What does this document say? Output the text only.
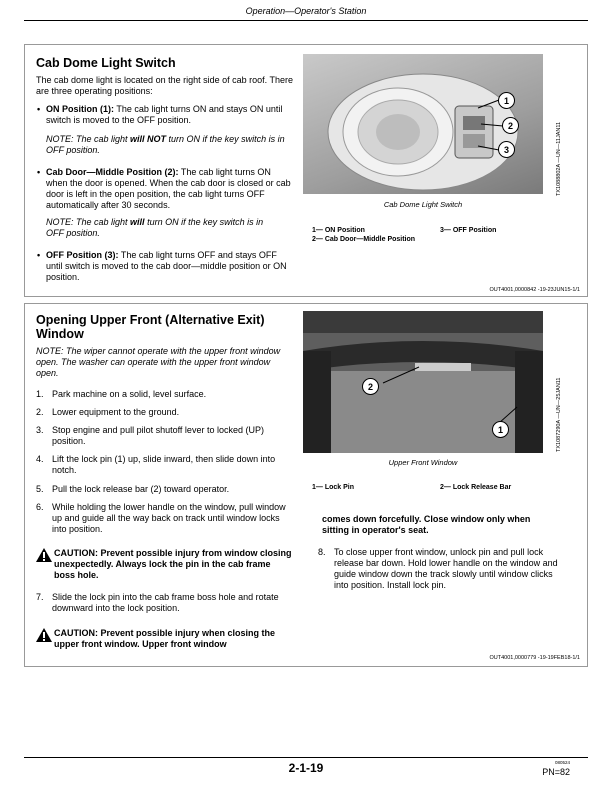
Operation—Operator's Station
Cab Dome Light Switch
The cab dome light is located on the right side of cab roof. There are three operating positions:
• ON Position (1): The cab light turns ON and stays ON until switch is moved to the OFF position.
NOTE: The cab light will NOT turn ON if the key switch is in OFF position.
• Cab Door—Middle Position (2): The cab light turns ON when the door is opened. When the cab door is closed or cab door is left in the open position, the cab light turns OFF automatically after 30 seconds.
NOTE: The cab light will turn ON if the key switch is in OFF position.
• OFF Position (3): The cab light turns OFF and stays OFF until switch is moved to the cab door—middle position or ON position.
1
2
3	TX1088802A —UN—11JAN11
Cab Dome Light Switch
1— ON Position
2— Cab Door—Middle Position
3— OFF Position
OUT4001,0000842 -19-23JUN15-1/1
Opening Upper Front (Alternative Exit) Window
NOTE: The wiper cannot operate with the upper front window open. The washer can operate with the upper front window open.
1. Park machine on a solid, level surface.
2. Lower equipment to the ground.
3. Stop engine and pull pilot shutoff lever to locked (UP) position.
4. Lift the lock pin (1) up, slide inward, then slide down into notch.
5. Pull the lock release bar (2) toward operator.
6. While holding the lower handle on the window, pull window up and guide all the way back on track until window locks into position.
CAUTION: Prevent possible injury from window closing unexpectedly. Always lock the pin in the cab frame boss hole.
7. Slide the lock pin into the cab frame boss hole and rotate downward into the lock position.
CAUTION: Prevent possible injury when closing the upper front window. Upper front window
2
1	TX1087290A —UN—25JAN11
Upper Front Window
1— Lock Pin	2— Lock Release Bar
comes down forcefully. Close window only when sitting in operator's seat.
8. To close upper front window, unlock pin and pull lock release bar down. Hold lower handle on the window and guide window down the track slowly until window clicks into position. Install lock pin.
OUT4001,0000779 -19-19FEB18-1/1
2-1-19	080524
PN=82
